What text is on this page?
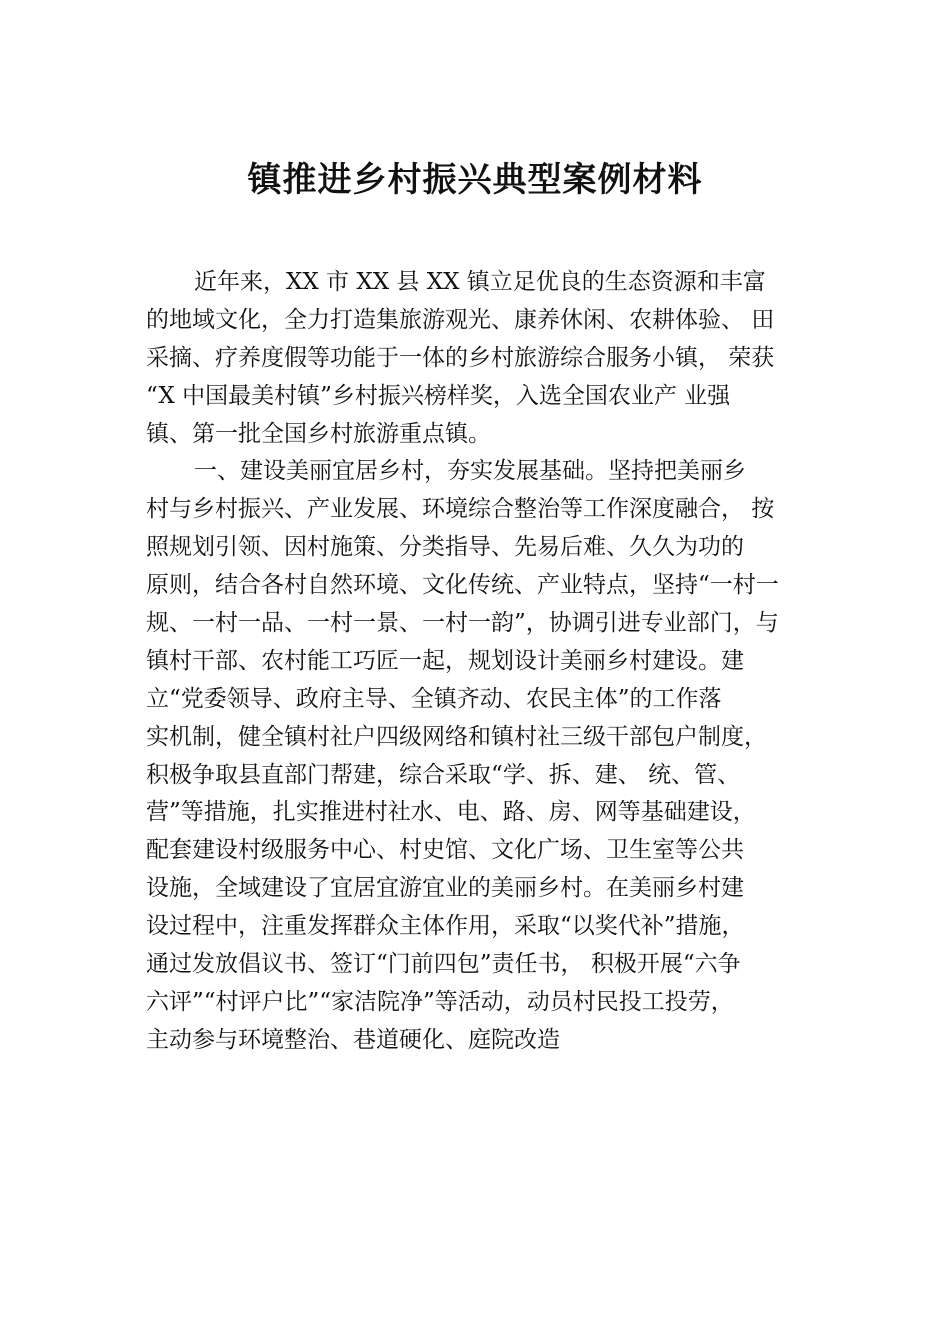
镇推进乡村振兴典型案例材料
近年来，XX 市 XX 县 XX 镇立足优良的生态资源和丰富
的地域文化，全力打造集旅游观光、康养休闲、农耕体验、 田
采摘、疗养度假等功能于一体的乡村旅游综合服务小镇， 荣获
“X 中国最美村镇”乡村振兴榜样奖，入选全国农业产 业强
镇、第一批全国乡村旅游重点镇。
一、建设美丽宜居乡村，夯实发展基础。坚持把美丽乡
村与乡村振兴、产业发展、环境综合整治等工作深度融合， 按
照规划引领、因村施策、分类指导、先易后难、久久为功的
原则，结合各村自然环境、文化传统、产业特点，坚持“一村一
规、一村一品、一村一景、一村一韵”，协调引进专业部门，与
镇村干部、农村能工巧匠一起，规划设计美丽乡村建设。建
立“党委领导、政府主导、全镇齐动、农民主体”的工作落
实机制，健全镇村社户四级网络和镇村社三级干部包户制度，
积极争取县直部门帮建，综合采取“学、拆、建、 统、管、
营”等措施，扎实推进村社水、电、路、房、网等基础建设，
配套建设村级服务中心、村史馆、文化广场、卫生室等公共
设施，全域建设了宜居宜游宜业的美丽乡村。在美丽乡村建
设过程中，注重发挥群众主体作用，采取“以奖代补”措施，
通过发放倡议书、签订“门前四包”责任书， 积极开展“六争
六评”“村评户比”“家洁院净”等活动，动员村民投工投劳，
主动参与环境整治、巷道硬化、庭院改造
